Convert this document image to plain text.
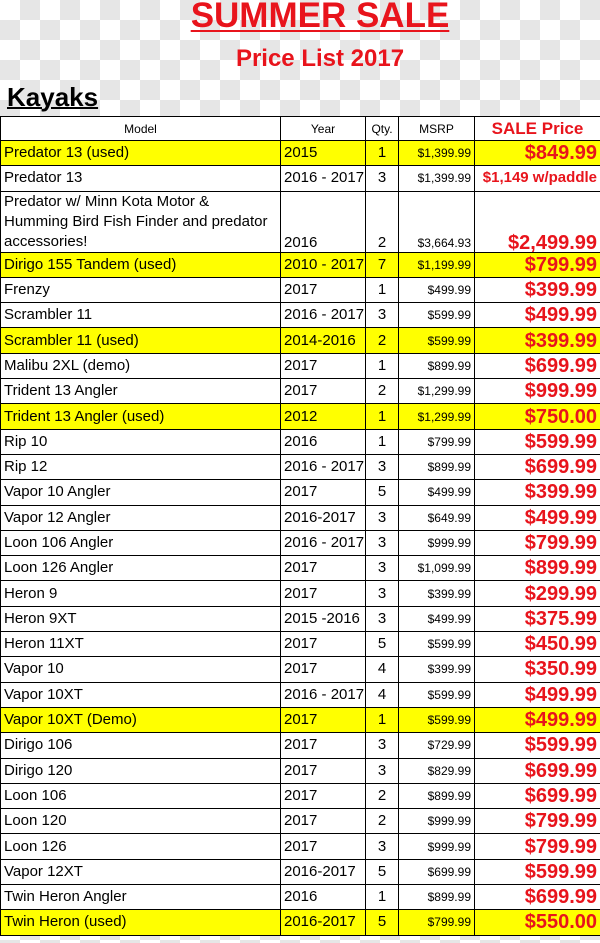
SUMMER SALE
Price List 2017
Kayaks
Model	Year	Qty.	MSRP	SALE Price
Predator 13 (used)	2015	1	$1,399.99	$849.99
Predator 13	2016 - 2017	3	$1,399.99	$1,149 w/paddle
Predator w/ Minn Kota Motor & Humming Bird Fish Finder and predator accessories!	2016	2	$3,664.93	$2,499.99
Dirigo 155 Tandem (used)	2010 - 2017	7	$1,199.99	$799.99
Frenzy	2017	1	$499.99	$399.99
Scrambler 11	2016 - 2017	3	$599.99	$499.99
Scrambler 11 (used)	2014-2016	2	$599.99	$399.99
Malibu 2XL (demo)	2017	1	$899.99	$699.99
Trident 13 Angler	2017	2	$1,299.99	$999.99
Trident 13 Angler (used)	2012	1	$1,299.99	$750.00
Rip 10	2016	1	$799.99	$599.99
Rip 12	2016 - 2017	3	$899.99	$699.99
Vapor 10 Angler	2017	5	$499.99	$399.99
Vapor 12 Angler	2016-2017	3	$649.99	$499.99
Loon 106 Angler	2016 - 2017	3	$999.99	$799.99
Loon 126 Angler	2017	3	$1,099.99	$899.99
Heron 9	2017	3	$399.99	$299.99
Heron 9XT	2015 -2016	3	$499.99	$375.99
Heron 11XT	2017	5	$599.99	$450.99
Vapor 10	2017	4	$399.99	$350.99
Vapor 10XT	2016 - 2017	4	$599.99	$499.99
Vapor 10XT (Demo)	2017	1	$599.99	$499.99
Dirigo 106	2017	3	$729.99	$599.99
Dirigo 120	2017	3	$829.99	$699.99
Loon 106	2017	2	$899.99	$699.99
Loon 120	2017	2	$999.99	$799.99
Loon 126	2017	3	$999.99	$799.99
Vapor 12XT	2016-2017	5	$699.99	$599.99
Twin Heron Angler	2016	1	$899.99	$699.99
Twin Heron (used)	2016-2017	5	$799.99	$550.00
